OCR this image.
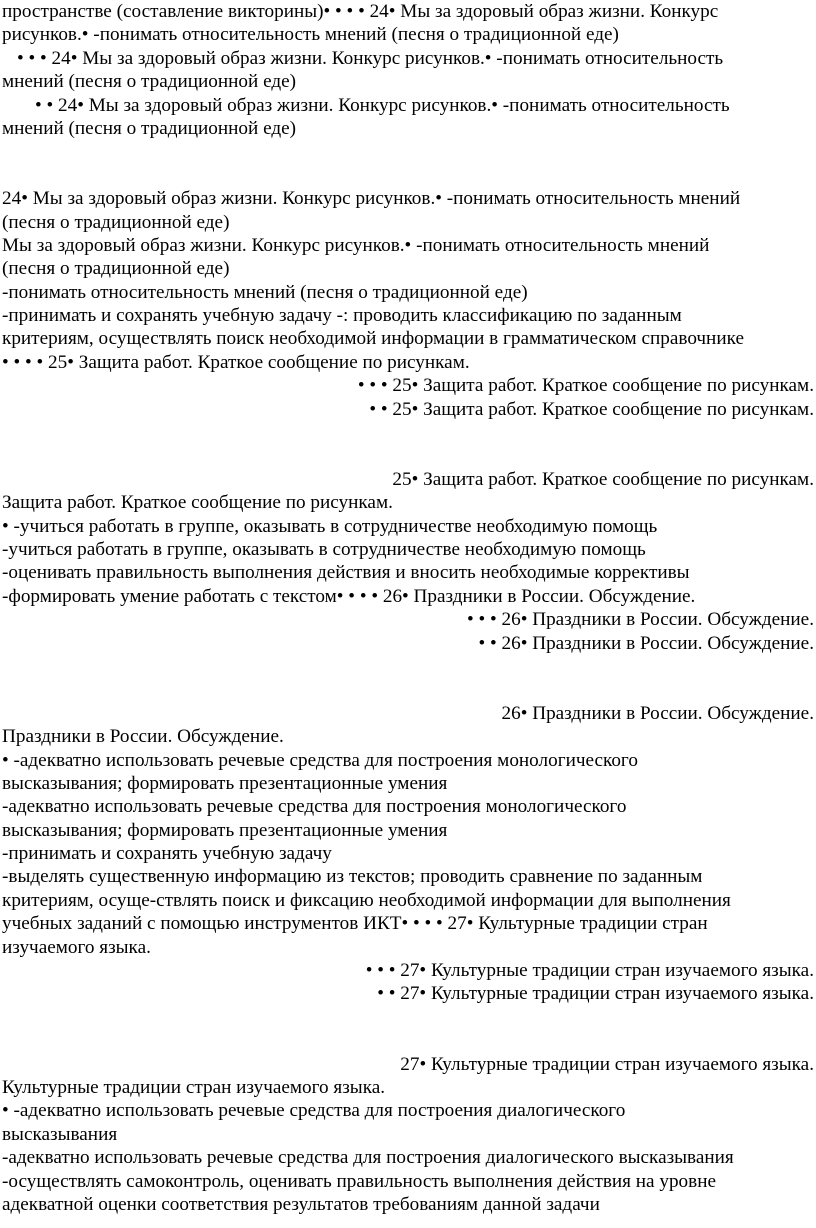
пространстве (составление викторины)• • • • 24• Мы за здоровый образ жизни. Конкурс
рисунков.• -понимать относительность мнений (песня о традиционной еде)
• • • 24• Мы за здоровый образ жизни. Конкурс рисунков.• -понимать относительность
мнений (песня о традиционной еде)
• • 24• Мы за здоровый образ жизни. Конкурс рисунков.• -понимать относительность
мнений (песня о традиционной еде)
24• Мы за здоровый образ жизни. Конкурс рисунков.• -понимать относительность мнений
(песня о традиционной еде)
Мы за здоровый образ жизни. Конкурс рисунков.• -понимать относительность мнений
(песня о традиционной еде)
-понимать относительность мнений (песня о традиционной еде)
-принимать и сохранять учебную задачу -: проводить классификацию по заданным
критериям, осуществлять поиск необходимой информации в грамматическом справочнике
• • • • 25• Защита работ. Краткое сообщение по рисункам.
• • • 25• Защита работ. Краткое сообщение по рисункам.
• • 25• Защита работ. Краткое сообщение по рисункам.
25• Защита работ. Краткое сообщение по рисункам.
Защита работ. Краткое сообщение по рисункам.
• -учиться работать в группе, оказывать в сотрудничестве необходимую помощь
-учиться работать в группе, оказывать в сотрудничестве необходимую помощь
-оценивать правильность выполнения действия и вносить необходимые коррективы
-формировать умение работать с текстом• • • • 26• Праздники в России. Обсуждение.
• • • 26• Праздники в России. Обсуждение.
• • 26• Праздники в России. Обсуждение.
26• Праздники в России. Обсуждение.
Праздники в России. Обсуждение.
• -адекватно использовать речевые средства для построения монологического
высказывания; формировать презентационные умения
-адекватно использовать речевые средства для построения монологического
высказывания; формировать презентационные умения
-принимать и сохранять учебную задачу
-выделять существенную информацию из текстов; проводить сравнение по заданным
критериям, осуще-ствлять поиск и фиксацию необходимой информации для выполнения
учебных заданий с помощью инструментов ИКТ• • • • 27• Культурные традиции стран
изучаемого языка.
• • • 27• Культурные традиции стран изучаемого языка.
• • 27• Культурные традиции стран изучаемого языка.
27• Культурные традиции стран изучаемого языка.
Культурные традиции стран изучаемого языка.
• -адекватно использовать речевые средства для построения диалогического
высказывания
-адекватно использовать речевые средства для построения диалогического высказывания
-осуществлять самоконтроль, оценивать правильность выполнения действия на уровне
адекватной оценки соответствия результатов требованиям данной задачи
